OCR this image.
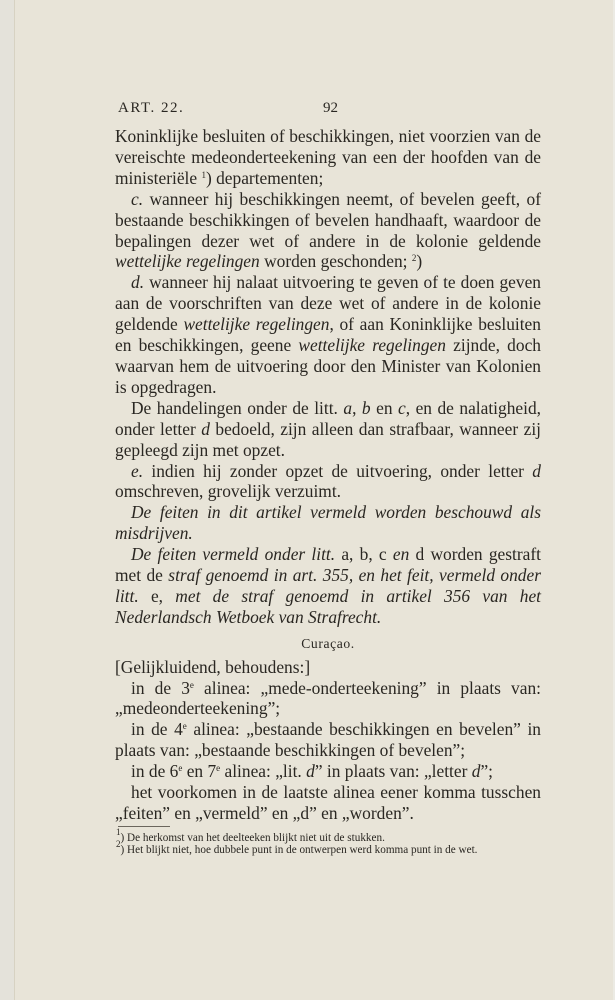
ART. 22.	92

Koninklijke besluiten of beschikkingen, niet voorzien van de vereischte medeonderteekening van een der hoofden van de ministeriële $^1$) departementen;

c. wanneer hij beschikkingen neemt, of bevelen geeft, of bestaande beschikkingen of bevelen handhaaft, waardoor de bepalingen dezer wet of andere in de kolonie geldende wettelijke regelingen worden geschonden; $^2$)

d. wanneer hij nalaat uitvoering te geven of te doen geven aan de voorschriften van deze wet of andere in de kolonie geldende wettelijke regelingen, of aan Koninklijke besluiten en beschikkingen, geene wettelijke regelingen zijnde, doch waarvan hem de uitvoering door den Minister van Kolonien is opgedragen.

De handelingen onder de litt. a, b en c, en de nalatigheid, onder letter d bedoeld, zijn alleen dan strafbaar, wanneer zij gepleegd zijn met opzet.

e. indien hij zonder opzet de uitvoering, onder letter d omschreven, grovelijk verzuimt.

De feiten in dit artikel vermeld worden beschouwd als misdrijven.

De feiten vermeld onder litt. a, b, c en d worden gestraft met de straf genoemd in art. 355, en het feit, vermeld onder litt. e, met de straf genoemd in artikel 356 van het Nederlandsch Wetboek van Strafrecht.

Curaçao.

[Gelijkluidend, behoudens:]

in de 3e alinea: „mede-onderteekening” in plaats van: „medeonderteekening”;

in de 4e alinea: „bestaande beschikkingen en bevelen” in plaats van: „bestaande beschikkingen of bevelen”;

in de 6e en 7e alinea: „lit. d” in plaats van: „letter d”;

het voorkomen in de laatste alinea eener komma tusschen „feiten” en „vermeld” en „d” en „worden”.

$^1$) De herkomst van het deelteeken blijkt niet uit de stukken.

$^2$) Het blijkt niet, hoe dubbele punt in de ontwerpen werd komma punt in de wet.
